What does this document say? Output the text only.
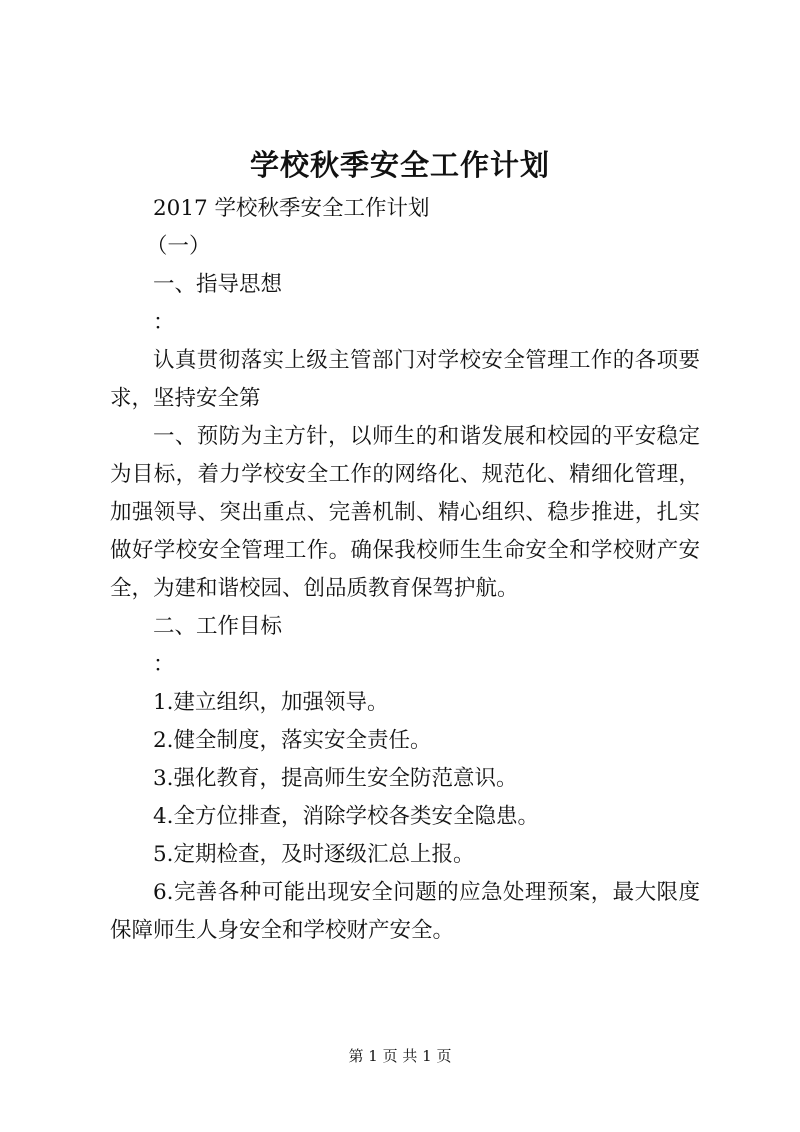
学校秋季安全工作计划

2017 学校秋季安全工作计划

（一）

一、指导思想

：

认真贯彻落实上级主管部门对学校安全管理工作的各项要求，坚持安全第

一、预防为主方针，以师生的和谐发展和校园的平安稳定为目标，着力学校安全工作的网络化、规范化、精细化管理，加强领导、突出重点、完善机制、精心组织、稳步推进，扎实做好学校安全管理工作。确保我校师生生命安全和学校财产安全，为建和谐校园、创品质教育保驾护航。

二、工作目标

：

1.建立组织，加强领导。

2.健全制度，落实安全责任。

3.强化教育，提高师生安全防范意识。

4.全方位排查，消除学校各类安全隐患。

5.定期检查，及时逐级汇总上报。

6.完善各种可能出现安全问题的应急处理预案，最大限度保障师生人身安全和学校财产安全。

第 1 页 共 1 页
